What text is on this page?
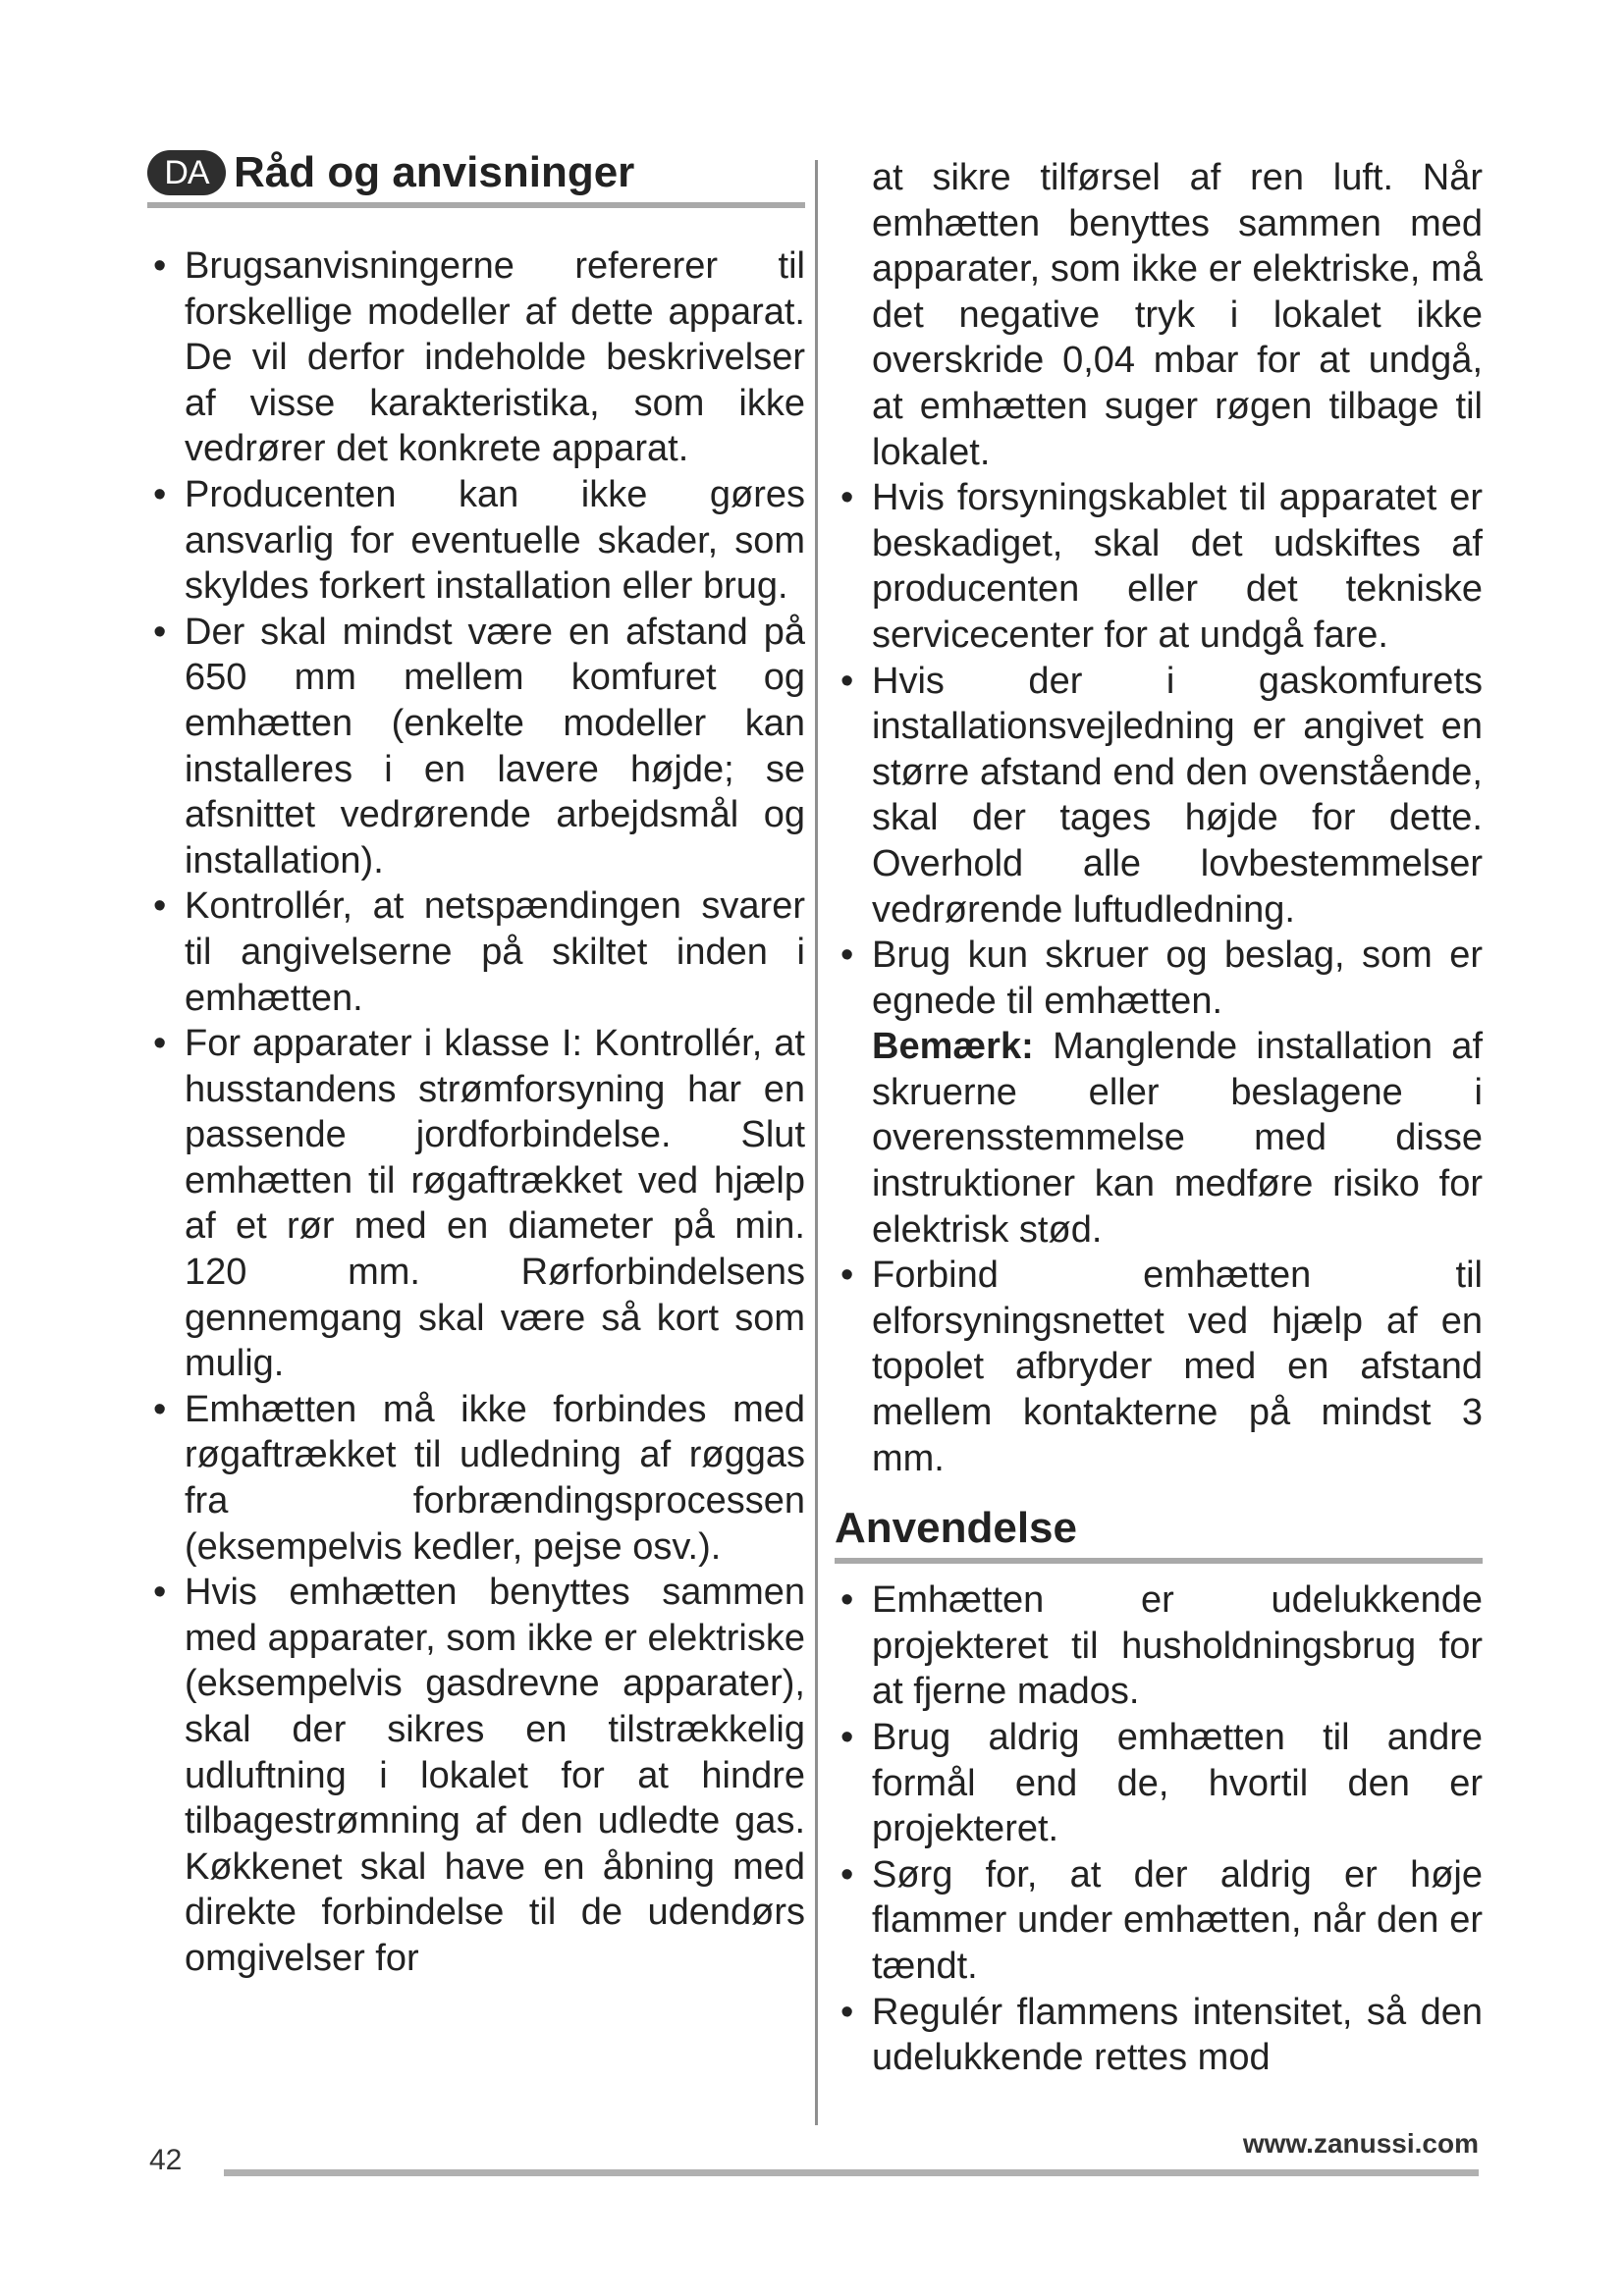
DA Råd og anvisninger
• Brugsanvisningerne refererer til forskellige modeller af dette apparat. De vil derfor indeholde beskrivelser af visse karakteristika, som ikke vedrører det konkrete apparat.
• Producenten kan ikke gøres ansvarlig for eventuelle skader, som skyldes forkert installation eller brug.
• Der skal mindst være en afstand på 650 mm mellem komfuret og emhætten (enkelte modeller kan installeres i en lavere højde; se afsnittet vedrørende arbejdsmål og installation).
• Kontrollér, at netspændingen svarer til angivelserne på skiltet inden i emhætten.
• For apparater i klasse I: Kontrollér, at husstandens strømforsyning har en passende jordforbindelse. Slut emhætten til røgaftrækket ved hjælp af et rør med en diameter på min. 120 mm. Rørforbindelsens gennemgang skal være så kort som mulig.
• Emhætten må ikke forbindes med røgaftrækket til udledning af røggas fra forbrændingsprocessen (eksempelvis kedler, pejse osv.).
• Hvis emhætten benyttes sammen med apparater, som ikke er elektriske (eksempelvis gasdrevne apparater), skal der sikres en tilstrækkelig udluftning i lokalet for at hindre tilbagestrømning af den udledte gas. Køkkenet skal have en åbning med direkte forbindelse til de udendørs omgivelser for

at sikre tilførsel af ren luft. Når emhætten benyttes sammen med apparater, som ikke er elektriske, må det negative tryk i lokalet ikke overskride 0,04 mbar for at undgå, at emhætten suger røgen tilbage til lokalet.

• Hvis forsyningskablet til apparatet er beskadiget, skal det udskiftes af producenten eller det tekniske servicecenter for at undgå fare.
• Hvis der i gaskomfurets installationsvejledning er angivet en større afstand end den ovenstående, skal der tages højde for dette. Overhold alle lovbestemmelser vedrørende luftudledning.
• Brug kun skruer og beslag, som er egnede til emhætten.
Bemærk: Manglende installation af skruerne eller beslagene i overensstemmelse med disse instruktioner kan medføre risiko for elektrisk stød.
• Forbind emhætten til elforsyningsnettet ved hjælp af en topolet afbryder med en afstand mellem kontakterne på mindst 3 mm.
Anvendelse
• Emhætten er udelukkende projekteret til husholdningsbrug for at fjerne mados.
• Brug aldrig emhætten til andre formål end de, hvortil den er projekteret.
• Sørg for, at der aldrig er høje flammer under emhætten, når den er tændt.
• Regulér flammens intensitet, så den udelukkende rettes mod
42
www.zanussi.com
